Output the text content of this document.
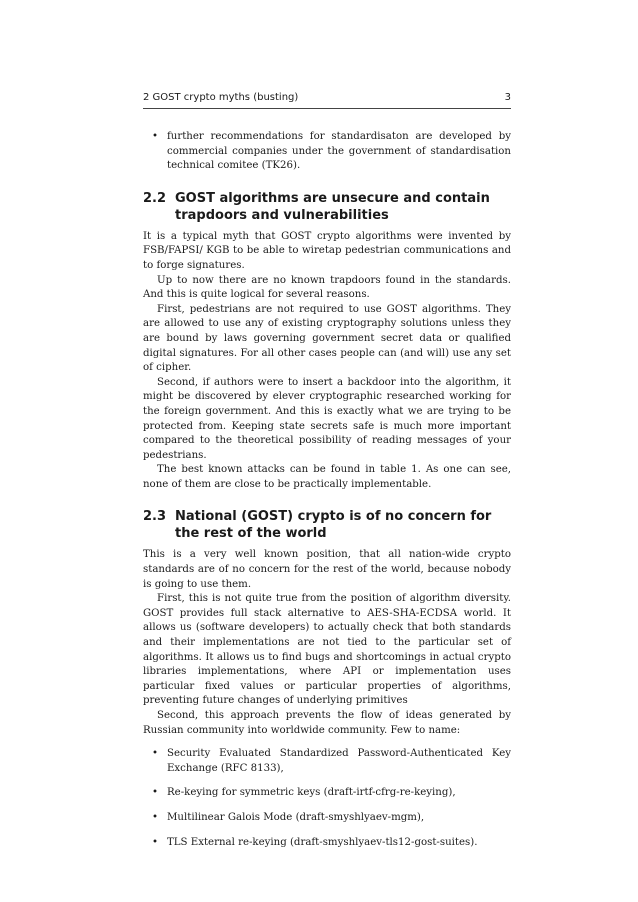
2 GOST crypto myths (busting)	3
• further recommendations for standardisaton are developed by commercial companies under the government of standardisation technical comitee (TK26).
2.2 GOST algorithms are unsecure and contain trapdoors and vulnerabilities

It is a typical myth that GOST crypto algorithms were invented by FSB/FAPSI/ KGB to be able to wiretap pedestrian communications and to forge signatures.

Up to now there are no known trapdoors found in the standards. And this is quite logical for several reasons.

First, pedestrians are not required to use GOST algorithms. They are allowed to use any of existing cryptography solutions unless they are bound by laws governing government secret data or qualified digital signatures. For all other cases people can (and will) use any set of cipher.

Second, if authors were to insert a backdoor into the algorithm, it might be discovered by elever cryptographic researched working for the foreign government. And this is exactly what we are trying to be protected from. Keeping state secrets safe is much more important compared to the theoretical possibility of reading messages of your pedestrians.

The best known attacks can be found in table 1. As one can see, none of them are close to be practically implementable.

2.3 National (GOST) crypto is of no concern for the rest of the world

This is a very well known position, that all nation-wide crypto standards are of no concern for the rest of the world, because nobody is going to use them.

First, this is not quite true from the position of algorithm diversity. GOST provides full stack alternative to AES-SHA-ECDSA world. It allows us (software developers) to actually check that both standards and their implementations are not tied to the particular set of algorithms. It allows us to find bugs and shortcomings in actual crypto libraries implementations, where API or implementation uses particular fixed values or particular properties of algorithms, preventing future changes of underlying primitives

Second, this approach prevents the flow of ideas generated by Russian community into worldwide community. Few to name:

• Security Evaluated Standardized Password-Authenticated Key Exchange (RFC 8133),
• Re-keying for symmetric keys (draft-irtf-cfrg-re-keying),
• Multilinear Galois Mode (draft-smyshlyaev-mgm),
• TLS External re-keying (draft-smyshlyaev-tls12-gost-suites).
